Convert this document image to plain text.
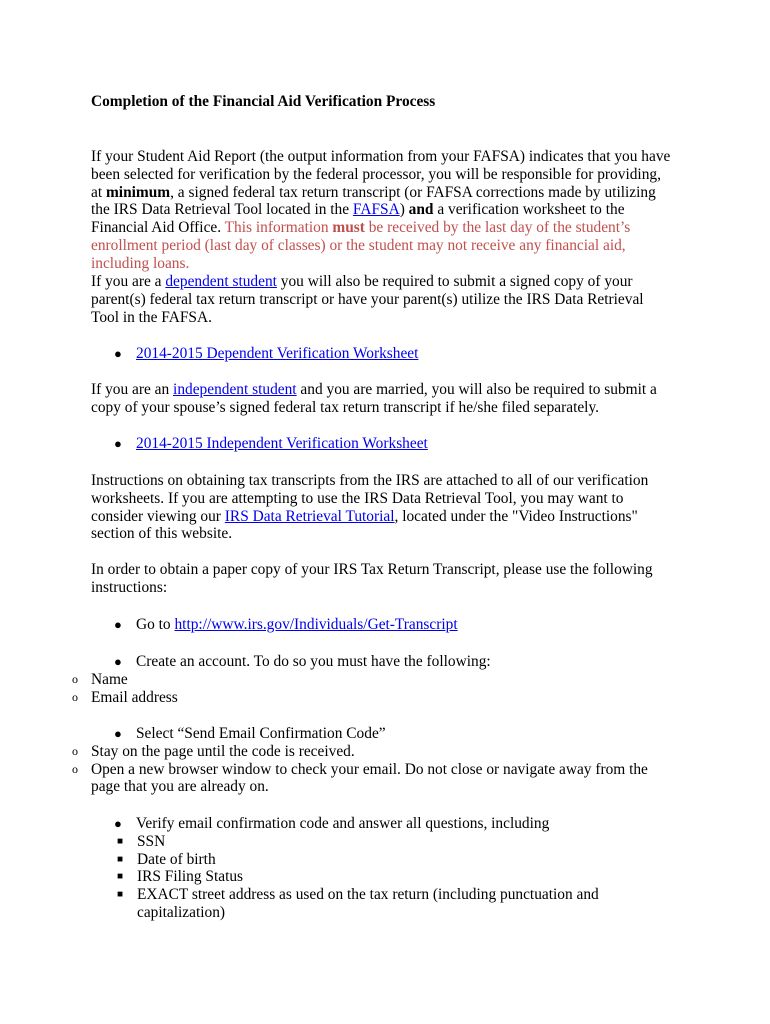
Completion of the Financial Aid Verification Process
If your Student Aid Report (the output information from your FAFSA) indicates that you have been selected for verification by the federal processor, you will be responsible for providing, at minimum, a signed federal tax return transcript (or FAFSA corrections made by utilizing the IRS Data Retrieval Tool located in the FAFSA) and a verification worksheet to the Financial Aid Office. This information must be received by the last day of the student’s enrollment period (last day of classes) or the student may not receive any financial aid, including loans.
If you are a dependent student you will also be required to submit a signed copy of your parent(s) federal tax return transcript or have your parent(s) utilize the IRS Data Retrieval Tool in the FAFSA.
● 2014-2015 Dependent Verification Worksheet
If you are an independent student and you are married, you will also be required to submit a copy of your spouse’s signed federal tax return transcript if he/she filed separately.
● 2014-2015 Independent Verification Worksheet
Instructions on obtaining tax transcripts from the IRS are attached to all of our verification worksheets. If you are attempting to use the IRS Data Retrieval Tool, you may want to consider viewing our IRS Data Retrieval Tutorial, located under the "Video Instructions" section of this website.
In order to obtain a paper copy of your IRS Tax Return Transcript, please use the following instructions:
● Go to http://www.irs.gov/Individuals/Get-Transcript
● Create an account. To do so you must have the following:
o Name
o Email address
● Select “Send Email Confirmation Code”
o Stay on the page until the code is received.
o Open a new browser window to check your email. Do not close or navigate away from the page that you are already on.
● Verify email confirmation code and answer all questions, including
■ SSN
■ Date of birth
■ IRS Filing Status
■ EXACT street address as used on the tax return (including punctuation and capitalization)
